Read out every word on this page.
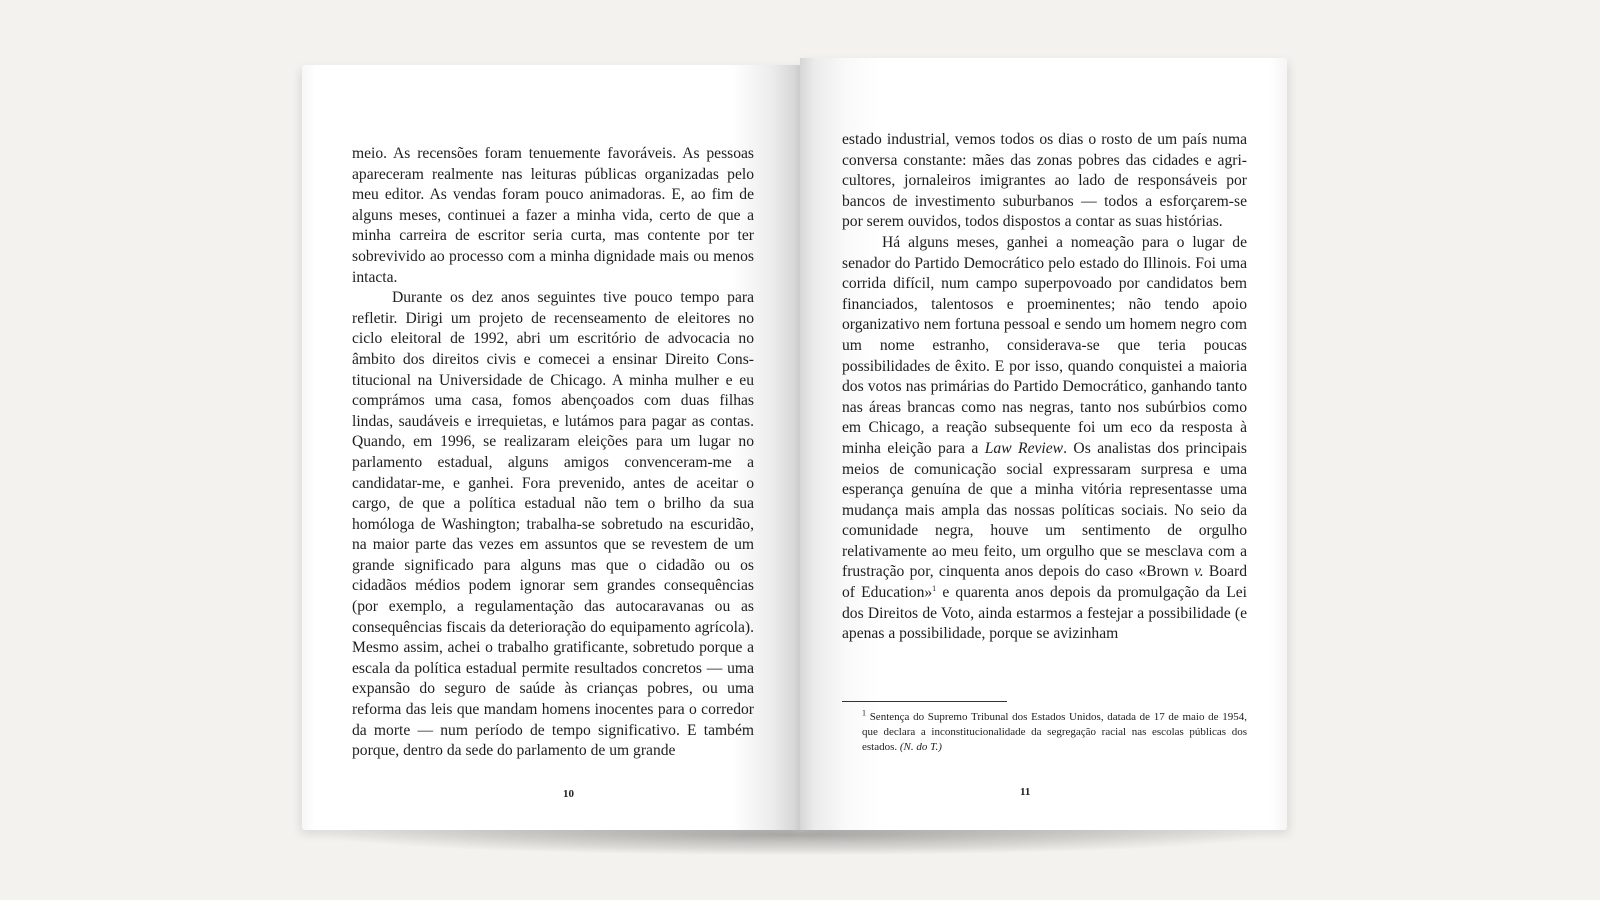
meio. As recensões foram tenuemente favoráveis. As pessoas apareceram realmente nas leituras públicas organizadas pelo meu editor. As vendas foram pouco animadoras. E, ao fim de alguns meses, continuei a fazer a minha vida, certo de que a minha carreira de escritor seria curta, mas contente por ter sobrevivido ao processo com a minha dignidade mais ou menos intacta.

Durante os dez anos seguintes tive pouco tempo para refletir. Dirigi um projeto de recenseamento de eleitores no ciclo eleitoral de 1992, abri um escritório de advocacia no âmbito dos direitos civis e comecei a ensinar Direito Constitucional na Universidade de Chicago. A minha mulher e eu comprámos uma casa, fomos abençoados com duas filhas lindas, saudáveis e irrequietas, e lutámos para pagar as contas. Quando, em 1996, se realizaram eleições para um lugar no parlamento estadual, alguns amigos convenceram-me a candidatar-me, e ganhei. Fora prevenido, antes de aceitar o cargo, de que a política estadual não tem o brilho da sua homóloga de Washington; trabalha-se sobretudo na escuridão, na maior parte das vezes em assuntos que se revestem de um grande significado para alguns mas que o cidadão ou os cidadãos médios podem ignorar sem grandes consequências (por exemplo, a regulamentação das autocaravanas ou as consequências fiscais da deterioração do equipamento agrícola). Mesmo assim, achei o trabalho gratificante, sobretudo porque a escala da política estadual permite resultados concretos — uma expansão do seguro de saúde às crianças pobres, ou uma reforma das leis que mandam homens inocentes para o corredor da morte — num período de tempo significativo. E também porque, dentro da sede do parlamento de um grande

10

estado industrial, vemos todos os dias o rosto de um país numa conversa constante: mães das zonas pobres das cidades e agricultores, jornaleiros imigrantes ao lado de responsáveis por bancos de investimento suburbanos — todos a esforçarem-se por serem ouvidos, todos dispostos a contar as suas histórias.

Há alguns meses, ganhei a nomeação para o lugar de senador do Partido Democrático pelo estado do Illinois. Foi uma corrida difícil, num campo superpovoado por candidatos bem financiados, talentosos e proeminentes; não tendo apoio organizativo nem fortuna pessoal e sendo um homem negro com um nome estranho, considerava-se que teria poucas possibilidades de êxito. E por isso, quando conquistei a maioria dos votos nas primárias do Partido Democrático, ganhando tanto nas áreas brancas como nas negras, tanto nos subúrbios como em Chicago, a reação subsequente foi um eco da resposta à minha eleição para a Law Review. Os analistas dos principais meios de comunicação social expressaram surpresa e uma esperança genuína de que a minha vitória representasse uma mudança mais ampla das nossas políticas sociais. No seio da comunidade negra, houve um sentimento de orgulho relativamente ao meu feito, um orgulho que se mesclava com a frustração por, cinquenta anos depois do caso «Brown v. Board of Education»$^1$ e quarenta anos depois da promulgação da Lei dos Direitos de Voto, ainda estarmos a festejar a possibilidade (e apenas a possibilidade, porque se avizinham

$^1$ Sentença do Supremo Tribunal dos Estados Unidos, datada de 17 de maio de 1954, que declara a inconstitucionalidade da segregação racial nas escolas públicas dos estados. (N. do T.)
11
